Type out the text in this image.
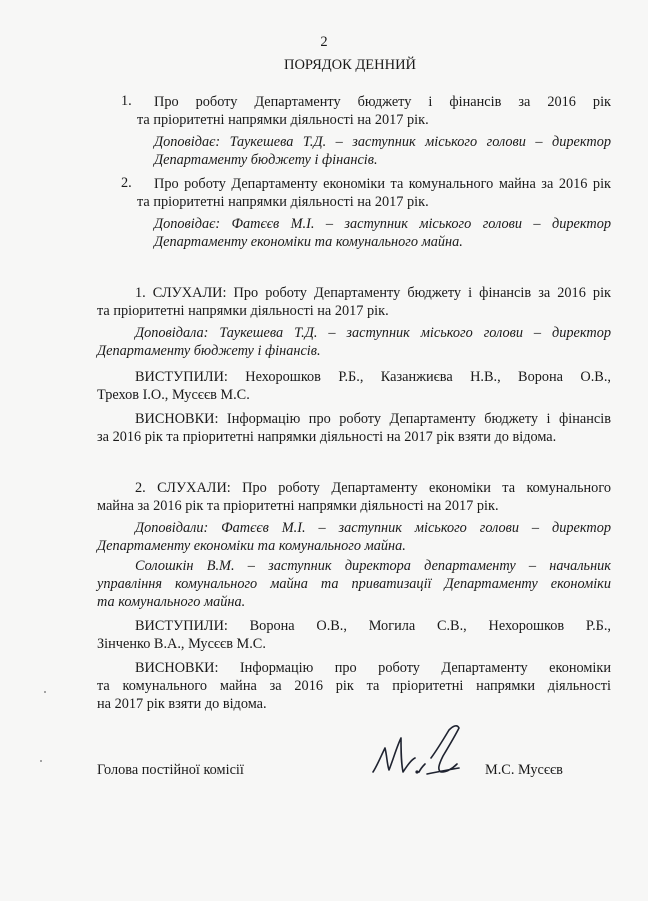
2
ПОРЯДОК ДЕННИЙ
1. Про роботу Департаменту бюджету і фінансів за 2016 рік
та пріоритетні напрямки діяльності на 2017 рік.
Доповідає: Таукешева Т.Д. – заступник міського голови – директор
Департаменту бюджету і фінансів.
2. Про роботу Департаменту економіки та комунального майна за 2016 рік
та пріоритетні напрямки діяльності на 2017 рік.
Доповідає: Фатєєв М.І. – заступник міського голови – директор
Департаменту економіки та комунального майна.
1. СЛУХАЛИ: Про роботу Департаменту бюджету і фінансів за 2016 рік
та пріоритетні напрямки діяльності на 2017 рік.
Доповідала: Таукешева Т.Д. – заступник міського голови – директор
Департаменту бюджету і фінансів.
ВИСТУПИЛИ: Нехорошков Р.Б., Казанжиєва Н.В., Ворона О.В.,
Трехов І.О., Мусєєв М.С.
ВИСНОВКИ: Інформацію про роботу Департаменту бюджету і фінансів
за 2016 рік та пріоритетні напрямки діяльності на 2017 рік взяти до відома.
2. СЛУХАЛИ: Про роботу Департаменту економіки та комунального
майна за 2016 рік та пріоритетні напрямки діяльності на 2017 рік.
Доповідали: Фатєєв М.І. – заступник міського голови – директор
Департаменту економіки та комунального майна.
Солошкін В.М. – заступник директора департаменту – начальник
управління комунального майна та приватизації Департаменту економіки
та комунального майна.
ВИСТУПИЛИ: Ворона О.В., Могила С.В., Нехорошков Р.Б.,
Зінченко В.А., Мусєєв М.С.
ВИСНОВКИ: Інформацію про роботу Департаменту економіки
та комунального майна за 2016 рік та пріоритетні напрямки діяльності
на 2017 рік взяти до відома.
Голова постійної комісії	М.С. Мусєєв
